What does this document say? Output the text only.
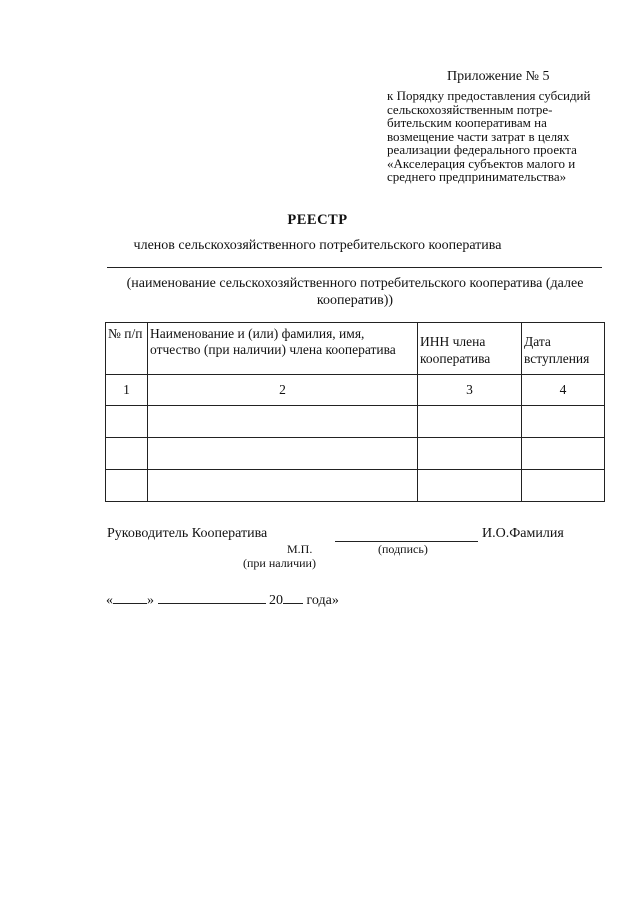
Приложение № 5
к Порядку предоставления субсидий
сельскохозяйственным потре-
бительским кооперативам на
возмещение части затрат в целях
реализации федерального проекта
«Акселерация субъектов малого и
среднего предпринимательства»
РЕЕСТР
членов сельскохозяйственного потребительского кооператива
(наименование сельскохозяйственного потребительского кооператива (далее кооператив))
№ п/п	Наименование и (или) фамилия, имя, отчество (при наличии) члена кооператива	ИНН члена кооператива	Дата вступления
1	2	3	4

Руководитель Кооператива	И.О.Фамилия
М.П.	(подпись)
(при наличии)
« »	20 года»
